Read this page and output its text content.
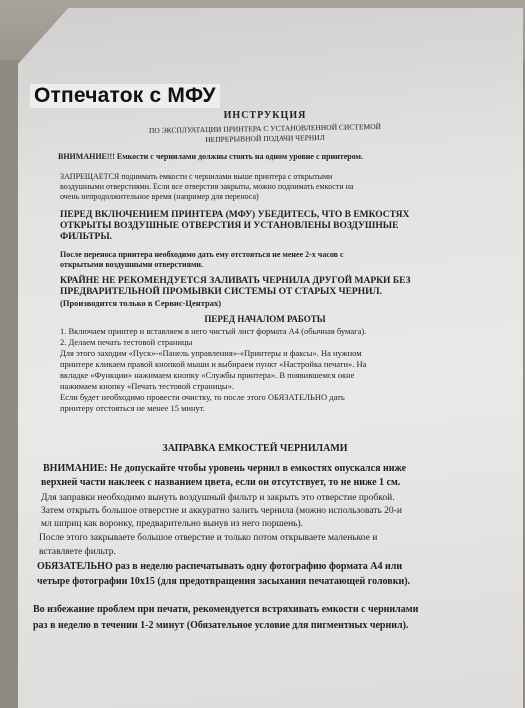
Отпечаток с МФУ
ИНСТРУКЦИЯ
ПО ЭКСПЛУАТАЦИИ ПРИНТЕРА С УСТАНОВЛЕННОЙ СИСТЕМОЙ
НЕПРЕРЫВНОЙ ПОДАЧИ ЧЕРНИЛ
ВНИМАНИЕ!!! Емкости с чернилами должны стоять на одном уровне с принтером.
ЗАПРЕЩАЕТСЯ поднимать емкости с чернилами выше принтера с открытыми
воздушными отверстиями. Если все отверстия закрыты, можно поднимать емкости на
очень непродолжительное время (например для переноса)
ПЕРЕД ВКЛЮЧЕНИЕМ ПРИНТЕРА (МФУ) УБЕДИТЕСЬ, ЧТО В ЕМКОСТЯХ
ОТКРЫТЫ ВОЗДУШНЫЕ ОТВЕРСТИЯ И УСТАНОВЛЕНЫ ВОЗДУШНЫЕ
ФИЛЬТРЫ.
После переноса принтера необходимо дать ему отстояться не менее 2-х часов с
открытыми воздушными отверстиями.
КРАЙНЕ НЕ РЕКОМЕНДУЕТСЯ ЗАЛИВАТЬ ЧЕРНИЛА ДРУГОЙ МАРКИ БЕЗ
ПРЕДВАРИТЕЛЬНОЙ ПРОМЫВКИ СИСТЕМЫ ОТ СТАРЫХ ЧЕРНИЛ.
(Производится только в Сервис-Центрах)
ПЕРЕД НАЧАЛОМ РАБОТЫ
1. Включаем принтер и вставляем в него чистый лист формата А4 (обычная бумага).
2. Делаем печать тестовой страницы
Для этого заходим «Пуск»-«Панель управления»-«Принтеры и факсы». На нужном
принтере кликаем правой кнопкой мыши и выбираем пункт «Настройка печати». На
вкладке «Функции» нажимаем кнопку «Службы принтера». В появившемся окне
нажимаем кнопку «Печать тестовой страницы».
Если будет необходимо провести очистку, то после этого ОБЯЗАТЕЛЬНО дать
принтеру отстояться не менее 15 минут.
ЗАПРАВКА ЕМКОСТЕЙ ЧЕРНИЛАМИ
ВНИМАНИЕ: Не допускайте чтобы уровень чернил в емкостях опускался ниже
верхней части наклеек с названием цвета, если он отсутствует, то не ниже 1 см.
Для заправки необходимо вынуть воздушный фильтр и закрыть это отверстие пробкой.
Затем открыть большое отверстие и аккуратно залить чернила (можно использовать 20-и
мл шприц как воронку, предварительно вынув из него поршень).
После этого закрываете большое отверстие и только потом открываете маленькое и
вставляете фильтр.
ОБЯЗАТЕЛЬНО раз в неделю распечатывать одну фотографию формата А4 или
четыре фотографии 10х15 (для предотвращения засыхания печатающей головки).
Во избежание проблем при печати, рекомендуется встряхивать емкости с чернилами
раз в неделю в течении 1-2 минут (Обязательное условие для пигментных чернил).
